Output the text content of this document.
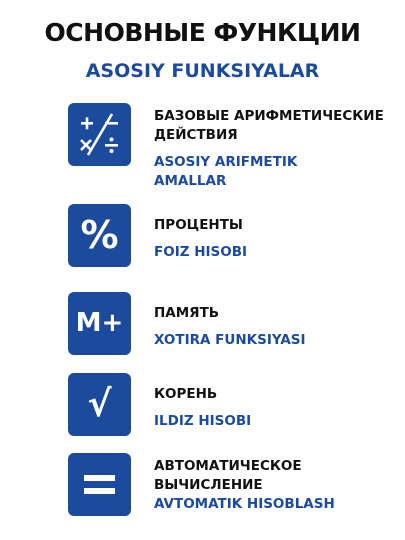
ОСНОВНЫЕ ФУНКЦИИ
ASOSIY FUNKSIYALAR
БАЗОВЫЕ АРИФМЕТИЧЕСКИЕ
ДЕЙСТВИЯ
ASOSIY ARIFMETIK
AMALLAR
%	ПРОЦЕНТЫ
FOIZ HISOBI
M+	ПАМЯТЬ
XOTIRA FUNKSIYASI
√	КОРЕНЬ
ILDIZ HISOBI
АВТОМАТИЧЕСКОЕ
ВЫЧИСЛЕНИЕ
AVTOMATIK HISOBLASH
